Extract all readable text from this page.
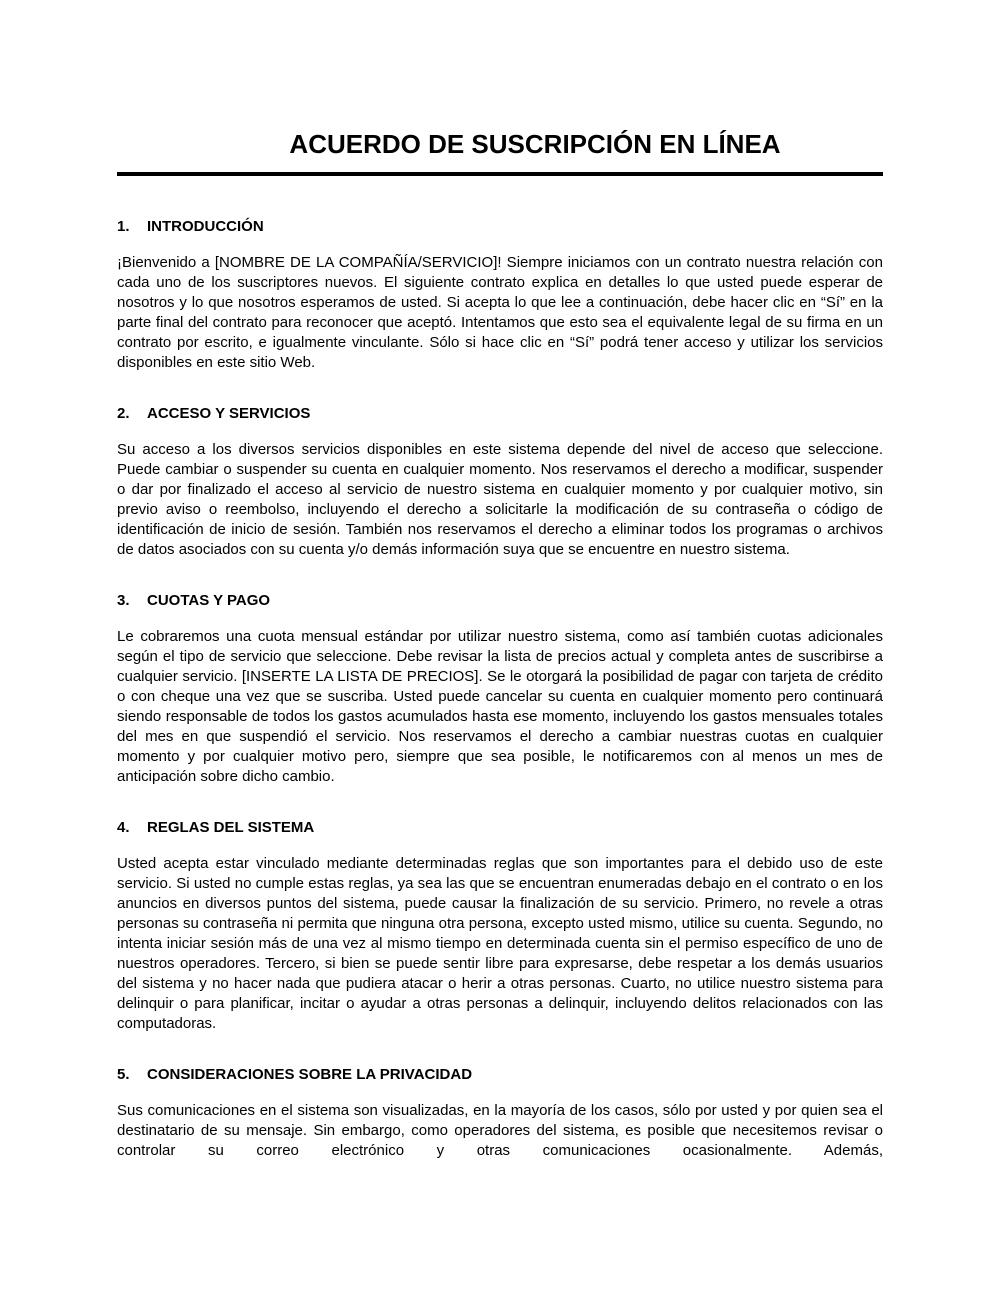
ACUERDO DE SUSCRIPCIÓN EN LÍNEA
1.	INTRODUCCIÓN

¡Bienvenido a [NOMBRE DE LA COMPAÑÍA/SERVICIO]! Siempre iniciamos con un contrato nuestra relación con cada uno de los suscriptores nuevos. El siguiente contrato explica en detalles lo que usted puede esperar de nosotros y lo que nosotros esperamos de usted. Si acepta lo que lee a continuación, debe hacer clic en “Sí” en la parte final del contrato para reconocer que aceptó. Intentamos que esto sea el equivalente legal de su firma en un contrato por escrito, e igualmente vinculante. Sólo si hace clic en “Sí” podrá tener acceso y utilizar los servicios disponibles en este sitio Web.

2.	ACCESO Y SERVICIOS

Su acceso a los diversos servicios disponibles en este sistema depende del nivel de acceso que seleccione. Puede cambiar o suspender su cuenta en cualquier momento. Nos reservamos el derecho a modificar, suspender o dar por finalizado el acceso al servicio de nuestro sistema en cualquier momento y por cualquier motivo, sin previo aviso o reembolso, incluyendo el derecho a solicitarle la modificación de su contraseña o código de identificación de inicio de sesión. También nos reservamos el derecho a eliminar todos los programas o archivos de datos asociados con su cuenta y/o demás información suya que se encuentre en nuestro sistema.

3.	CUOTAS Y PAGO

Le cobraremos una cuota mensual estándar por utilizar nuestro sistema, como así también cuotas adicionales según el tipo de servicio que seleccione. Debe revisar la lista de precios actual y completa antes de suscribirse a cualquier servicio. [INSERTE LA LISTA DE PRECIOS]. Se le otorgará la posibilidad de pagar con tarjeta de crédito o con cheque una vez que se suscriba. Usted puede cancelar su cuenta en cualquier momento pero continuará siendo responsable de todos los gastos acumulados hasta ese momento, incluyendo los gastos mensuales totales del mes en que suspendió el servicio. Nos reservamos el derecho a cambiar nuestras cuotas en cualquier momento y por cualquier motivo pero, siempre que sea posible, le notificaremos con al menos un mes de anticipación sobre dicho cambio.

4.	REGLAS DEL SISTEMA

Usted acepta estar vinculado mediante determinadas reglas que son importantes para el debido uso de este servicio. Si usted no cumple estas reglas, ya sea las que se encuentran enumeradas debajo en el contrato o en los anuncios en diversos puntos del sistema, puede causar la finalización de su servicio. Primero, no revele a otras personas su contraseña ni permita que ninguna otra persona, excepto usted mismo, utilice su cuenta. Segundo, no intenta iniciar sesión más de una vez al mismo tiempo en determinada cuenta sin el permiso específico de uno de nuestros operadores. Tercero, si bien se puede sentir libre para expresarse, debe respetar a los demás usuarios del sistema y no hacer nada que pudiera atacar o herir a otras personas. Cuarto, no utilice nuestro sistema para delinquir o para planificar, incitar o ayudar a otras personas a delinquir, incluyendo delitos relacionados con las computadoras.

5.	CONSIDERACIONES SOBRE LA PRIVACIDAD

Sus comunicaciones en el sistema son visualizadas, en la mayoría de los casos, sólo por usted y por quien sea el destinatario de su mensaje. Sin embargo, como operadores del sistema, es posible que necesitemos revisar o controlar su correo electrónico y otras comunicaciones ocasionalmente. Además,
